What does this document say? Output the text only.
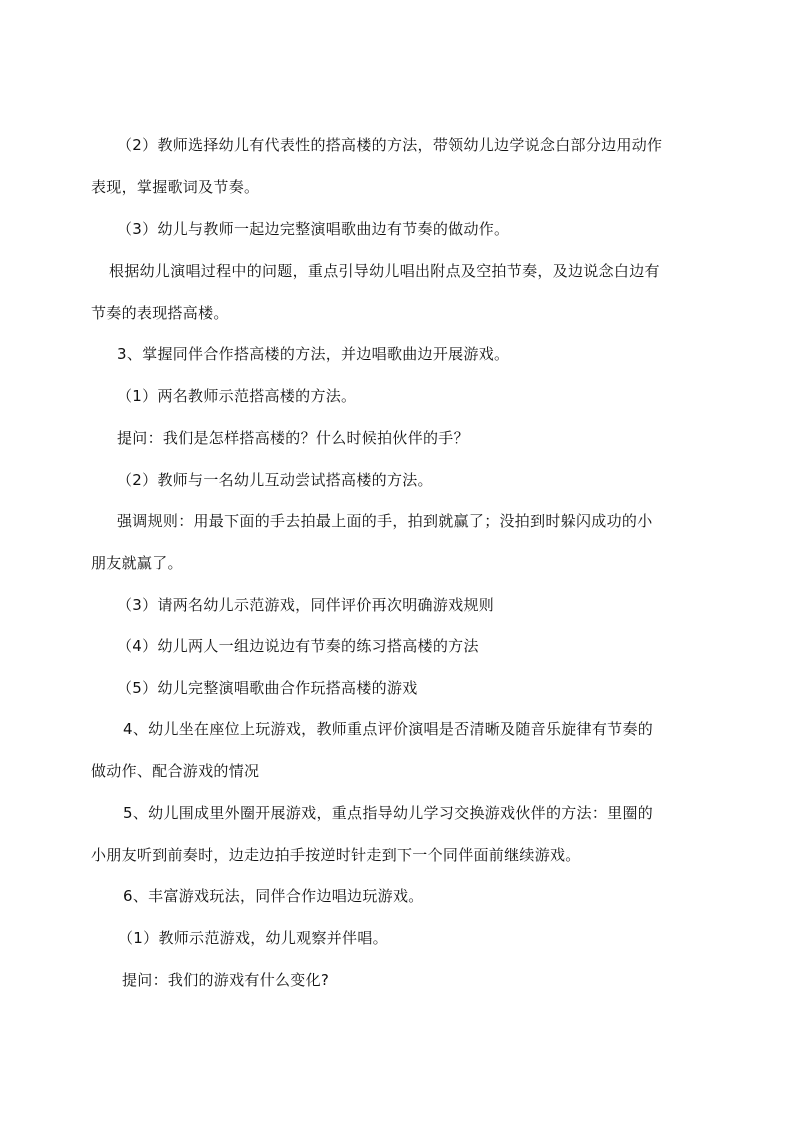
（2）教师选择幼儿有代表性的搭高楼的方法，带领幼儿边学说念白部分边用动作
表现，掌握歌词及节奏。
（3）幼儿与教师一起边完整演唱歌曲边有节奏的做动作。
根据幼儿演唱过程中的问题，重点引导幼儿唱出附点及空拍节奏，及边说念白边有
节奏的表现搭高楼。
3、掌握同伴合作搭高楼的方法，并边唱歌曲边开展游戏。
（1）两名教师示范搭高楼的方法。
提问：我们是怎样搭高楼的？什么时候拍伙伴的手？
（2）教师与一名幼儿互动尝试搭高楼的方法。
强调规则：用最下面的手去拍最上面的手，拍到就赢了；没拍到时躲闪成功的小
朋友就赢了。
（3）请两名幼儿示范游戏，同伴评价再次明确游戏规则
（4）幼儿两人一组边说边有节奏的练习搭高楼的方法
（5）幼儿完整演唱歌曲合作玩搭高楼的游戏
4、幼儿坐在座位上玩游戏，教师重点评价演唱是否清晰及随音乐旋律有节奏的
做动作、配合游戏的情况
5、幼儿围成里外圈开展游戏，重点指导幼儿学习交换游戏伙伴的方法：里圈的
小朋友听到前奏时，边走边拍手按逆时针走到下一个同伴面前继续游戏。
6、丰富游戏玩法，同伴合作边唱边玩游戏。
（1）教师示范游戏，幼儿观察并伴唱。
提问：我们的游戏有什么变化?
